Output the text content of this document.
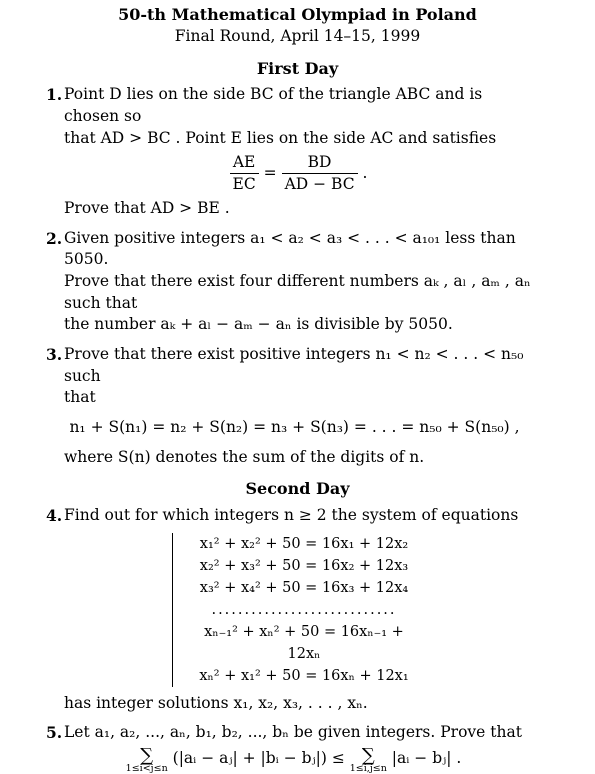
50-th Mathematical Olympiad in Poland
Final Round, April 14–15, 1999
First Day
1. Point D lies on the side BC of the triangle ABC and is chosen so
that AD > BC . Point E lies on the side AC and satisfies
$\frac{AE}{EC} = \frac{BD}{AD - BC}$ .
Prove that AD > BE .
2. Given positive integers a₁ < a₂ < a₃ < . . . < a₁₀₁ less than 5050.
Prove that there exist four different numbers aₖ , aₗ , aₘ , aₙ such that
the number aₖ + aₗ − aₘ − aₙ is divisible by 5050.
3. Prove that there exist positive integers n₁ < n₂ < . . . < n₅₀ such
that
n₁ + S(n₁) = n₂ + S(n₂) = n₃ + S(n₃) = . . . = n₅₀ + S(n₅₀) ,
where S(n) denotes the sum of the digits of n.
Second Day
4. Find out for which integers n ≥ 2 the system of equations
x₁² + x₂² + 50 = 16x₁ + 12x₂
x₂² + x₃² + 50 = 16x₂ + 12x₃
x₃² + x₄² + 50 = 16x₃ + 12x₄
............................
xₙ₋₁² + xₙ² + 50 = 16xₙ₋₁ + 12xₙ
xₙ² + x₁² + 50 = 16xₙ + 12x₁
has integer solutions x₁, x₂, x₃, . . . , xₙ.
5. Let a₁, a₂, ..., aₙ, b₁, b₂, ..., bₙ be given integers. Prove that
∑
1≤i<j≤n
(|aᵢ − aⱼ| + |bᵢ − bⱼ|) ≤ ∑
1≤i,j≤n
|aᵢ − bⱼ| .
